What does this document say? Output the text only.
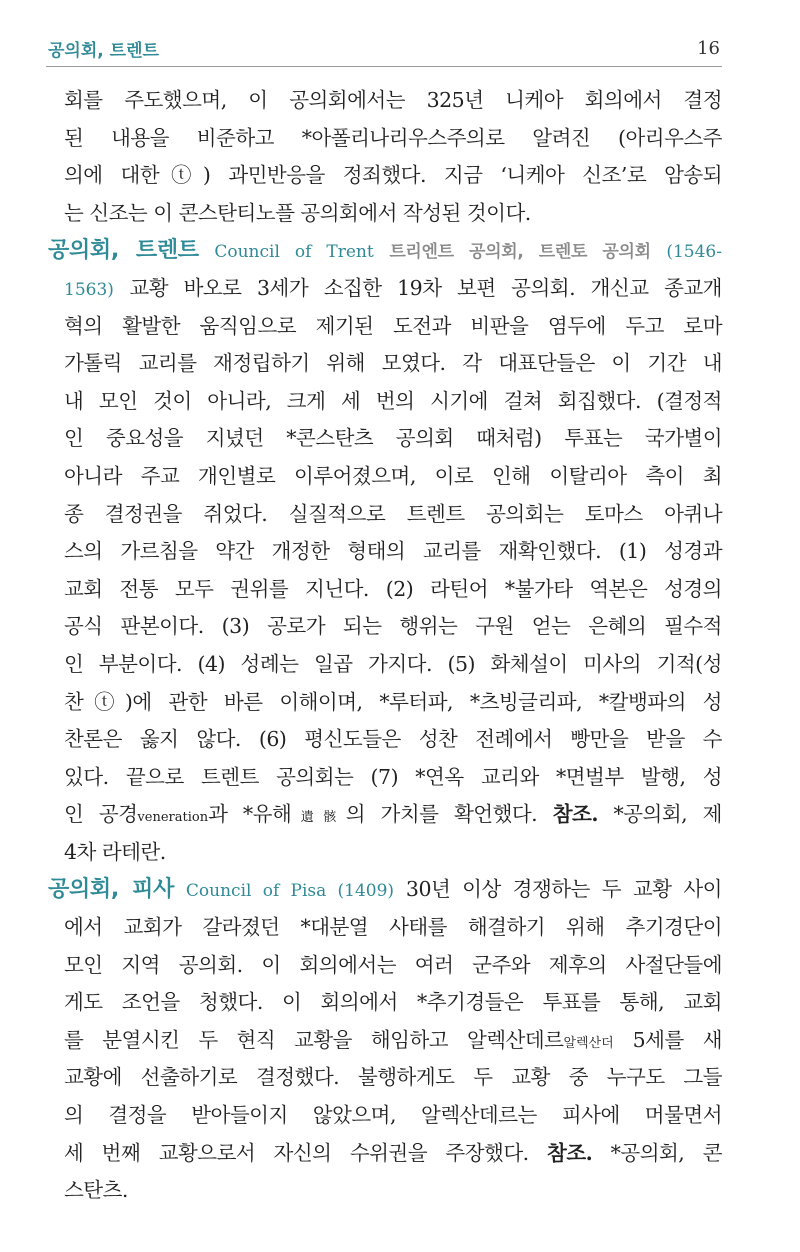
공의회, 트렌트	16
회를 주도했으며, 이 공의회에서는 325년 니케아 회의에서 결정
된 내용을 비준하고 *아폴리나리우스주의로 알려진 (아리우스주
의에 대한ⓣ) 과민반응을 정죄했다. 지금 ‘니케아 신조’로 암송되
는 신조는 이 콘스탄티노플 공의회에서 작성된 것이다.
공의회, 트렌트 Council of Trent 트리엔트 공의회, 트렌토 공의회 (1546-
1563) 교황 바오로 3세가 소집한 19차 보편 공의회. 개신교 종교개
혁의 활발한 움직임으로 제기된 도전과 비판을 염두에 두고 로마
가톨릭 교리를 재정립하기 위해 모였다. 각 대표단들은 이 기간 내
내 모인 것이 아니라, 크게 세 번의 시기에 걸쳐 회집했다. (결정적
인 중요성을 지녔던 *콘스탄츠 공의회 때처럼) 투표는 국가별이
아니라 주교 개인별로 이루어졌으며, 이로 인해 이탈리아 측이 최
종 결정권을 쥐었다. 실질적으로 트렌트 공의회는 토마스 아퀴나
스의 가르침을 약간 개정한 형태의 교리를 재확인했다. (1) 성경과
교회 전통 모두 권위를 지닌다. (2) 라틴어 *불가타 역본은 성경의
공식 판본이다. (3) 공로가 되는 행위는 구원 얻는 은혜의 필수적
인 부분이다. (4) 성례는 일곱 가지다. (5) 화체설이 미사의 기적(성
찬ⓣ)에 관한 바른 이해이며, *루터파, *츠빙글리파, *칼뱅파의 성
찬론은 옳지 않다. (6) 평신도들은 성찬 전례에서 빵만을 받을 수
있다. 끝으로 트렌트 공의회는 (7) *연옥 교리와 *면벌부 발행, 성
인 공경veneration과 *유해遺骸의 가치를 확언했다. 참조. *공의회, 제
4차 라테란.
공의회, 피사 Council of Pisa (1409) 30년 이상 경쟁하는 두 교황 사이
에서 교회가 갈라졌던 *대분열 사태를 해결하기 위해 추기경단이
모인 지역 공의회. 이 회의에서는 여러 군주와 제후의 사절단들에
게도 조언을 청했다. 이 회의에서 *추기경들은 투표를 통해, 교회
를 분열시킨 두 현직 교황을 해임하고 알렉산데르알렉산더 5세를 새
교황에 선출하기로 결정했다. 불행하게도 두 교황 중 누구도 그들
의 결정을 받아들이지 않았으며, 알렉산데르는 피사에 머물면서
세 번째 교황으로서 자신의 수위권을 주장했다. 참조. *공의회, 콘
스탄츠.
